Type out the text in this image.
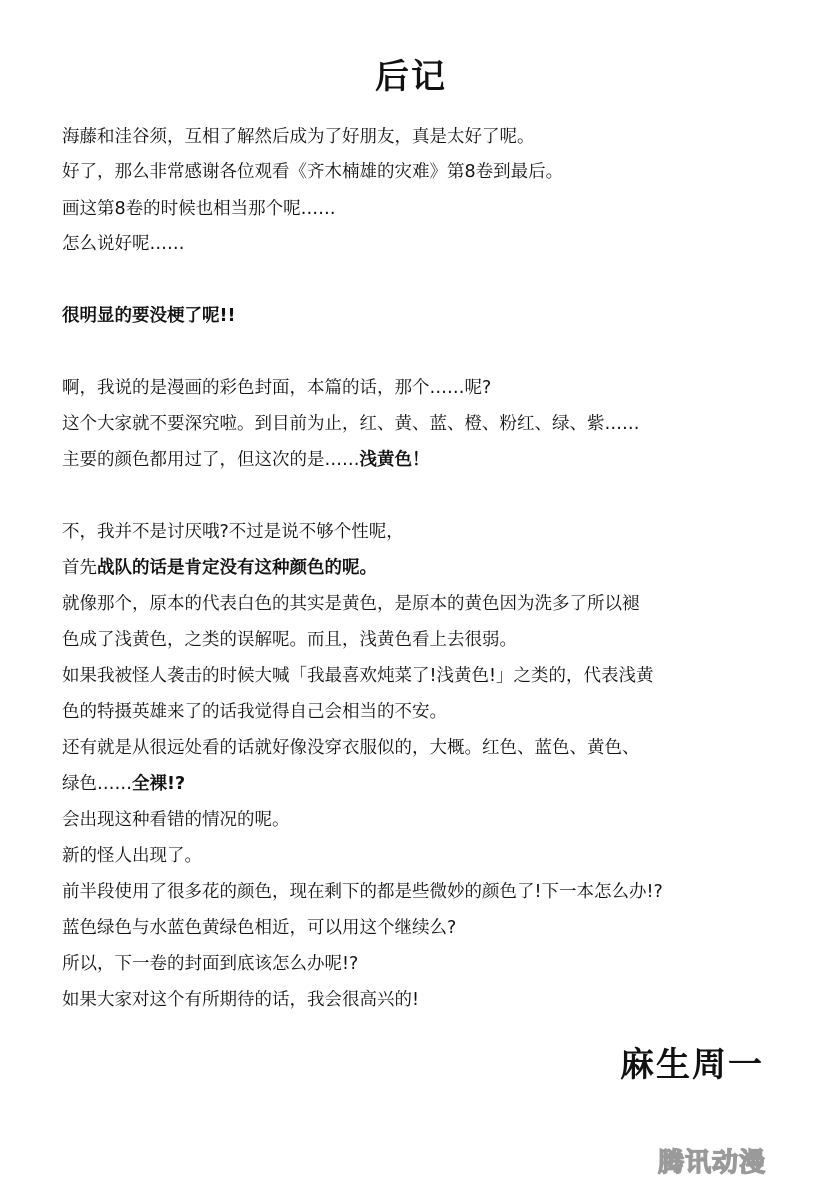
后记
海藤和洼谷须，互相了解然后成为了好朋友，真是太好了呢。
好了，那么非常感谢各位观看《齐木楠雄的灾难》第8卷到最后。
画这第8卷的时候也相当那个呢……
怎么说好呢……
很明显的要没梗了呢!!
啊，我说的是漫画的彩色封面，本篇的话，那个……呢?
这个大家就不要深究啦。到目前为止，红、黄、蓝、橙、粉红、绿、紫……
主要的颜色都用过了，但这次的是……浅黄色！
不，我并不是讨厌哦?不过是说不够个性呢，
首先战队的话是肯定没有这种颜色的呢。
就像那个，原本的代表白色的其实是黄色，是原本的黄色因为洗多了所以褪
色成了浅黄色，之类的误解呢。而且，浅黄色看上去很弱。
如果我被怪人袭击的时候大喊「我最喜欢炖菜了!浅黄色!」之类的，代表浅黄
色的特摄英雄来了的话我觉得自己会相当的不安。
还有就是从很远处看的话就好像没穿衣服似的，大概。红色、蓝色、黄色、
绿色……全裸!?
会出现这种看错的情况的呢。
新的怪人出现了。
前半段使用了很多花的颜色，现在剩下的都是些微妙的颜色了!下一本怎么办!?
蓝色绿色与水蓝色黄绿色相近，可以用这个继续么?
所以，下一卷的封面到底该怎么办呢!?
如果大家对这个有所期待的话，我会很高兴的!
麻生周一
腾讯动漫
